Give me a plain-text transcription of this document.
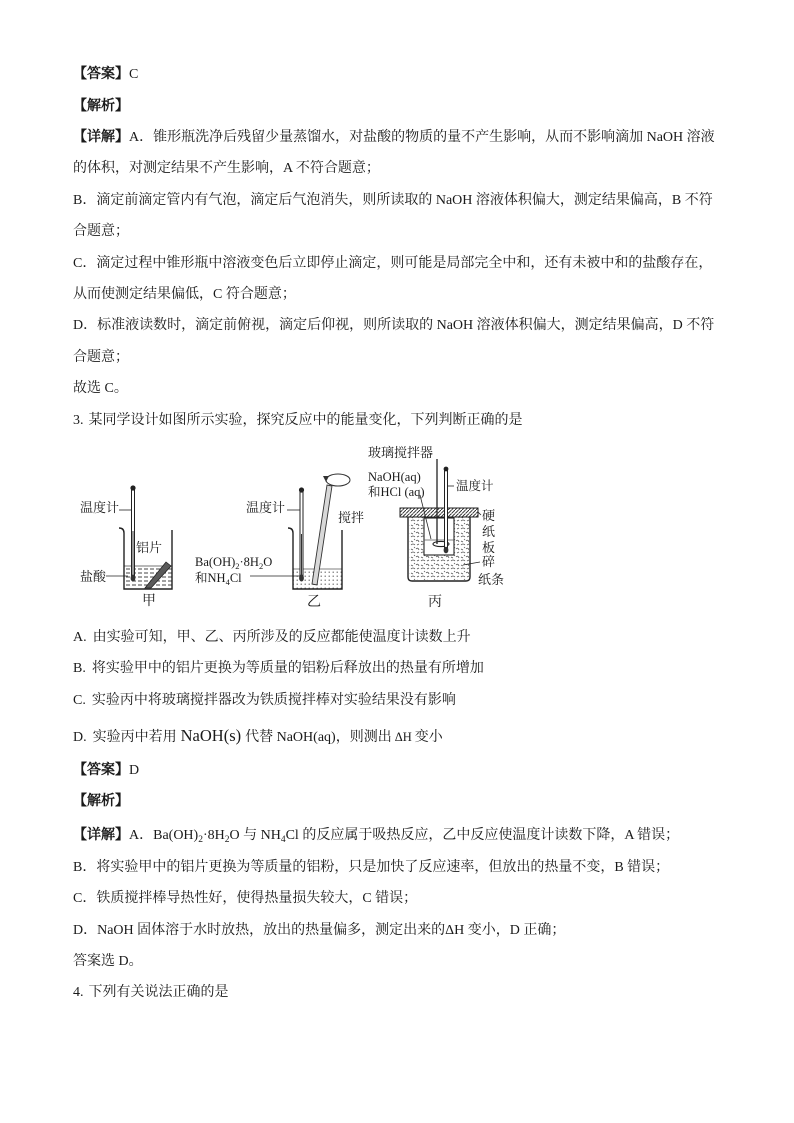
【答案】C
【解析】
【详解】A．锥形瓶洗净后残留少量蒸馏水，对盐酸的物质的量不产生影响，从而不影响滴加 NaOH 溶液
的体积，对测定结果不产生影响，A 不符合题意；
B．滴定前滴定管内有气泡，滴定后气泡消失，则所读取的 NaOH 溶液体积偏大，测定结果偏高，B 不符
合题意；
C．滴定过程中锥形瓶中溶液变色后立即停止滴定，则可能是局部完全中和，还有未被中和的盐酸存在，
从而使测定结果偏低，C 符合题意；
D．标准液读数时，滴定前俯视，滴定后仰视，则所读取的 NaOH 溶液体积偏大，测定结果偏高，D 不符
合题意；
故选 C。
3. 某同学设计如图所示实验，探究反应中的能量变化，下列判断正确的是
温度计
铝片
盐酸
甲
温度计
搅拌
$Ba(OH)_2\cdot 8H_2O$
和$NH_4Cl$
乙
玻璃搅拌器
NaOH(aq)
和HCl (aq)	温度计
硬
纸
板
碎
纸条
丙
A. 由实验可知，甲、乙、丙所涉及的反应都能使温度计读数上升
B. 将实验甲中的铝片更换为等质量的铝粉后释放出的热量有所增加
C. 实验丙中将玻璃搅拌器改为铁质搅拌棒对实验结果没有影响
D. 实验丙中若用 NaOH(s) 代替 NaOH(aq)，则测出 ΔH 变小
【答案】D
【解析】
【详解】A．$Ba(OH)_2\cdot 8H_2O$ 与 $NH_4Cl$ 的反应属于吸热反应，乙中反应使温度计读数下降，A 错误；
B．将实验甲中的铝片更换为等质量的铝粉，只是加快了反应速率，但放出的热量不变，B 错误；
C．铁质搅拌棒导热性好，使得热量损失较大，C 错误；
D．NaOH 固体溶于水时放热，放出的热量偏多，测定出来的ΔH 变小，D 正确；
答案选 D。
4. 下列有关说法正确的是
